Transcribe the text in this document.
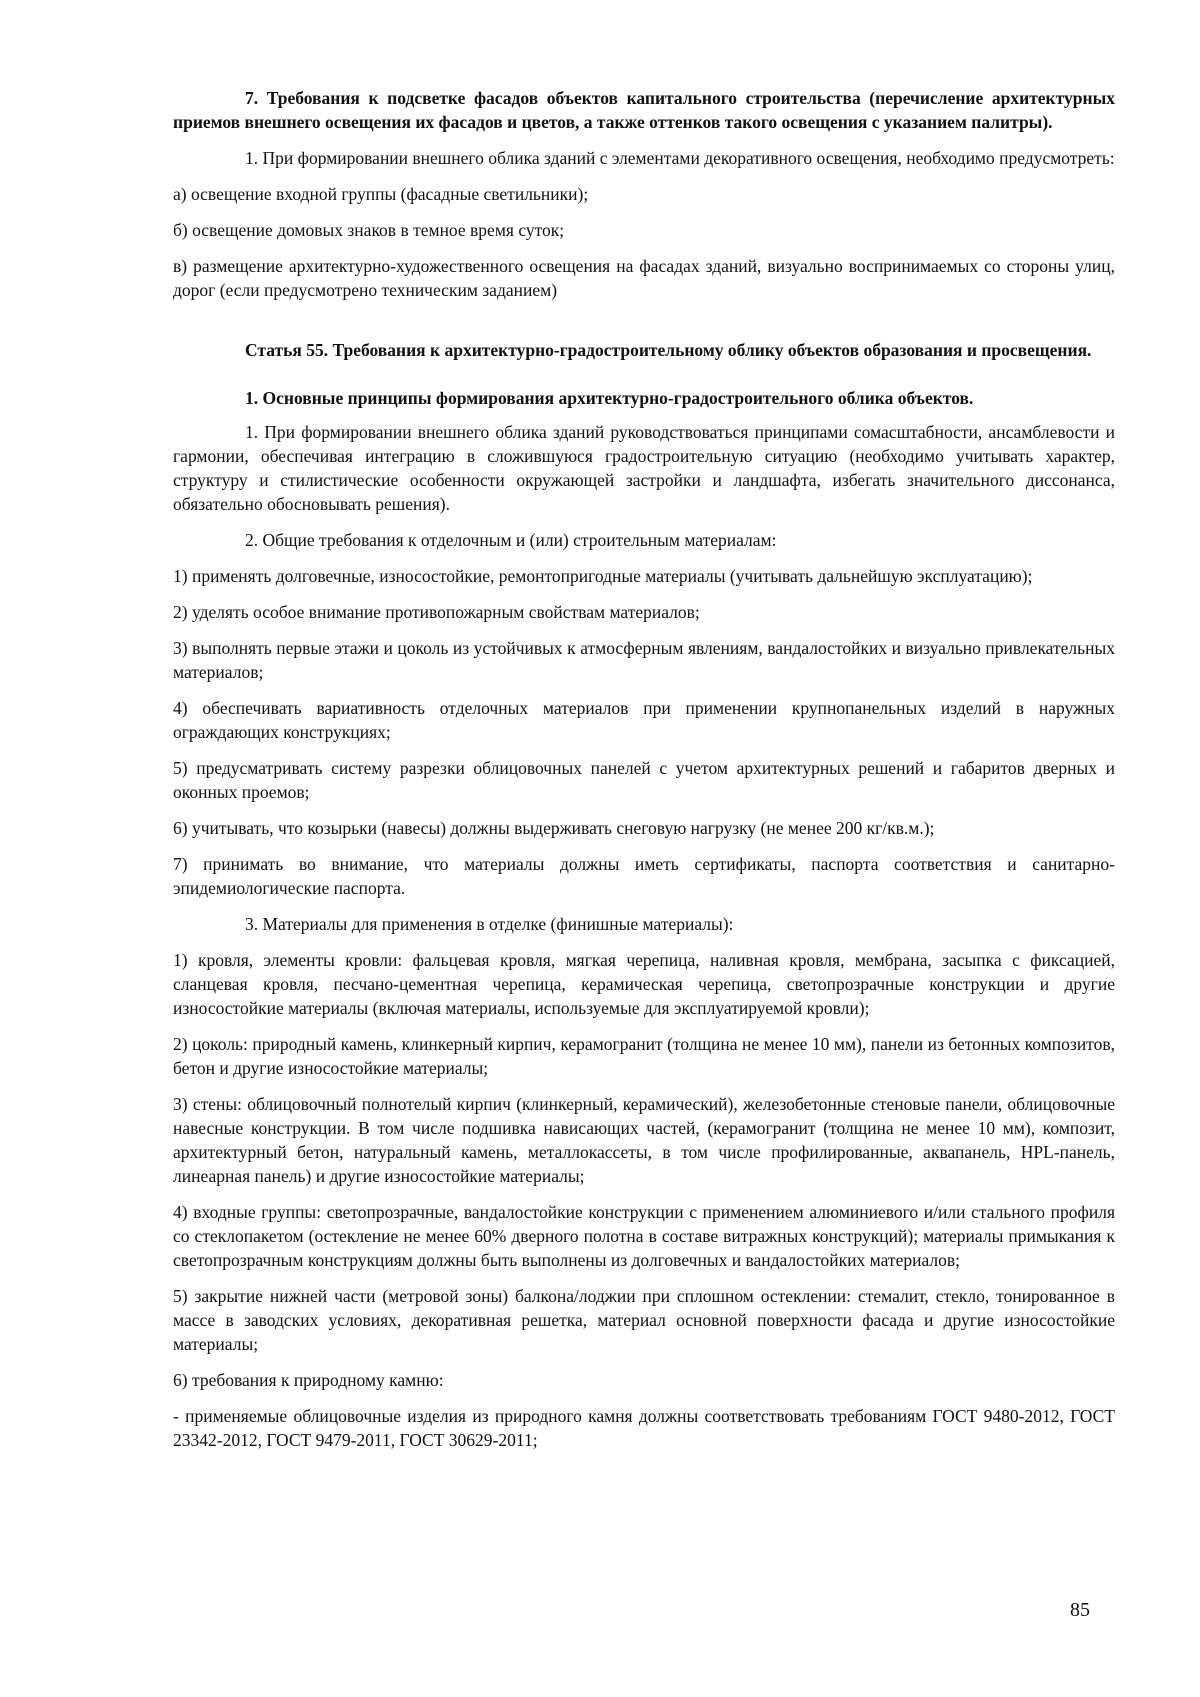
7. Требования к подсветке фасадов объектов капитального строительства (перечисление архитектурных приемов внешнего освещения их фасадов и цветов, а также оттенков такого освещения с указанием палитры).

1. При формировании внешнего облика зданий с элементами декоративного освещения, необходимо предусмотреть:

а) освещение входной группы (фасадные светильники);

б) освещение домовых знаков в темное время суток;

в) размещение архитектурно-художественного освещения на фасадах зданий, визуально воспринимаемых со стороны улиц, дорог (если предусмотрено техническим заданием)

Статья 55. Требования к архитектурно-градостроительному облику объектов образования и просвещения.

1. Основные принципы формирования архитектурно-градостроительного облика объектов.

1. При формировании внешнего облика зданий руководствоваться принципами сомасштабности, ансамблевости и гармонии, обеспечивая интеграцию в сложившуюся градостроительную ситуацию (необходимо учитывать характер, структуру и стилистические особенности окружающей застройки и ландшафта, избегать значительного диссонанса, обязательно обосновывать решения).

2. Общие требования к отделочным и (или) строительным материалам:

1) применять долговечные, износостойкие, ремонтопригодные материалы (учитывать дальнейшую эксплуатацию);

2) уделять особое внимание противопожарным свойствам материалов;

3) выполнять первые этажи и цоколь из устойчивых к атмосферным явлениям, вандалостойких и визуально привлекательных материалов;

4) обеспечивать вариативность отделочных материалов при применении крупнопанельных изделий в наружных ограждающих конструкциях;

5) предусматривать систему разрезки облицовочных панелей с учетом архитектурных решений и габаритов дверных и оконных проемов;

6) учитывать, что козырьки (навесы) должны выдерживать снеговую нагрузку (не менее 200 кг/кв.м.);

7) принимать во внимание, что материалы должны иметь сертификаты, паспорта соответствия и санитарно-эпидемиологические паспорта.

3. Материалы для применения в отделке (финишные материалы):

1) кровля, элементы кровли: фальцевая кровля, мягкая черепица, наливная кровля, мембрана, засыпка с фиксацией, сланцевая кровля, песчано-цементная черепица, керамическая черепица, светопрозрачные конструкции и другие износостойкие материалы (включая материалы, используемые для эксплуатируемой кровли);

2) цоколь: природный камень, клинкерный кирпич, керамогранит (толщина не менее 10 мм), панели из бетонных композитов, бетон и другие износостойкие материалы;

3) стены: облицовочный полнотелый кирпич (клинкерный, керамический), железобетонные стеновые панели, облицовочные навесные конструкции. В том числе подшивка нависающих частей, (керамогранит (толщина не менее 10 мм), композит, архитектурный бетон, натуральный камень, металлокассеты, в том числе профилированные, аквапанель, HPL-панель, линеарная панель) и другие износостойкие материалы;

4) входные группы: светопрозрачные, вандалостойкие конструкции с применением алюминиевого и/или стального профиля со стеклопакетом (остекление не менее 60% дверного полотна в составе витражных конструкций); материалы примыкания к светопрозрачным конструкциям должны быть выполнены из долговечных и вандалостойких материалов;

5) закрытие нижней части (метровой зоны) балкона/лоджии при сплошном остеклении: стемалит, стекло, тонированное в массе в заводских условиях, декоративная решетка, материал основной поверхности фасада и другие износостойкие материалы;

6) требования к природному камню:

- применяемые облицовочные изделия из природного камня должны соответствовать требованиям ГОСТ 9480-2012, ГОСТ 23342-2012, ГОСТ 9479-2011, ГОСТ 30629-2011;

85
